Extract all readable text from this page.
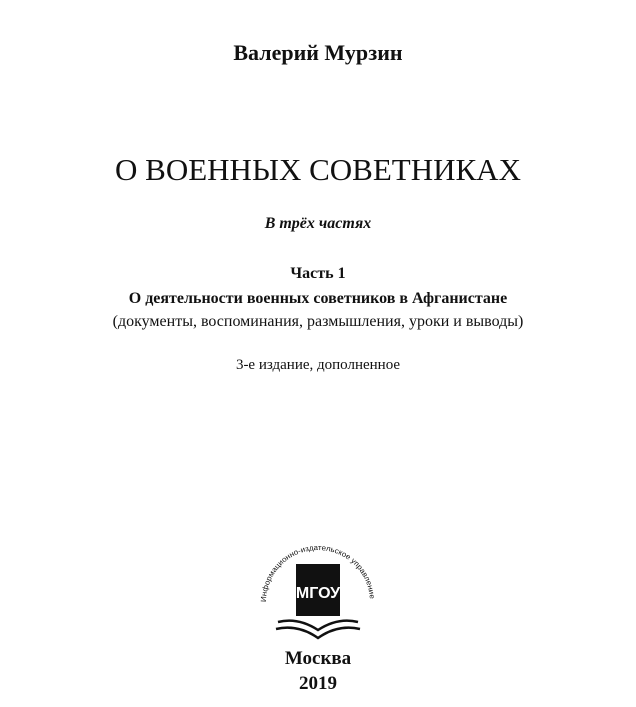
Валерий Мурзин
О ВОЕННЫХ СОВЕТНИКАХ
В трёх частях
Часть 1
О деятельности военных советников в Афганистане
(документы, воспоминания, размышления, уроки и выводы)
3-е издание, дополненное
МГОУ
Информационно-издательское управление
Москва
2019
